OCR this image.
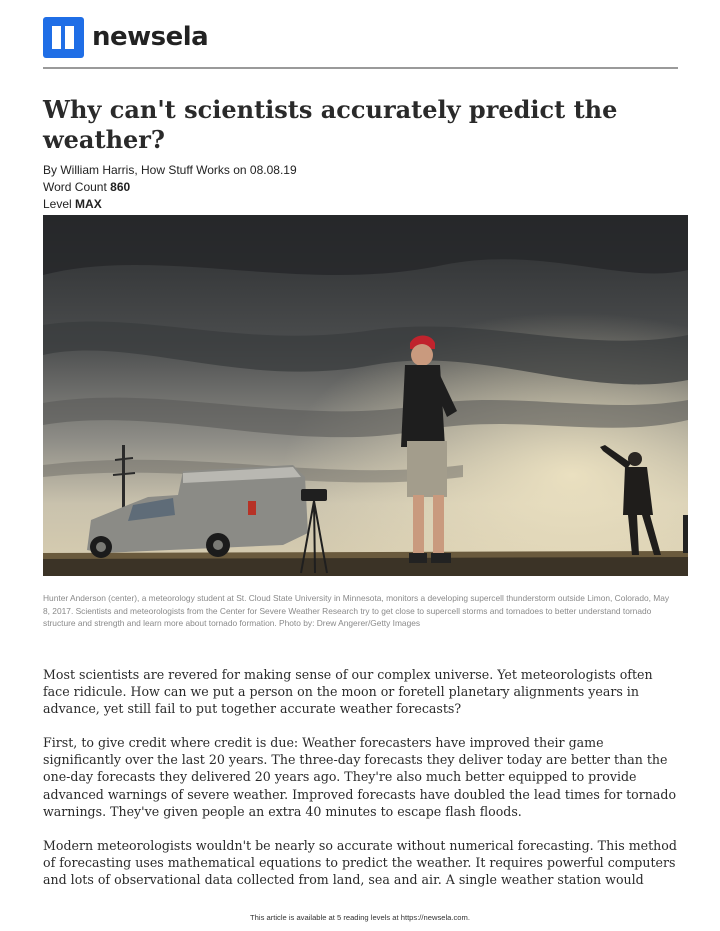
newsela
Why can't scientists accurately predict the weather?
By William Harris, How Stuff Works on 08.08.19
Word Count 860
Level MAX

Hunter Anderson (center), a meteorology student at St. Cloud State University in Minnesota, monitors a developing supercell thunderstorm outside Limon, Colorado, May 8, 2017. Scientists and meteorologists from the Center for Severe Weather Research try to get close to supercell storms and tornadoes to better understand tornado structure and strength and learn more about tornado formation. Photo by: Drew Angerer/Getty Images

Most scientists are revered for making sense of our complex universe. Yet meteorologists often face ridicule. How can we put a person on the moon or foretell planetary alignments years in advance, yet still fail to put together accurate weather forecasts?

First, to give credit where credit is due: Weather forecasters have improved their game significantly over the last 20 years. The three-day forecasts they deliver today are better than the one-day forecasts they delivered 20 years ago. They're also much better equipped to provide advanced warnings of severe weather. Improved forecasts have doubled the lead times for tornado warnings. They've given people an extra 40 minutes to escape flash floods.

Modern meteorologists wouldn't be nearly so accurate without numerical forecasting. This method of forecasting uses mathematical equations to predict the weather. It requires powerful computers and lots of observational data collected from land, sea and air. A single weather station would

This article is available at 5 reading levels at https://newsela.com.
